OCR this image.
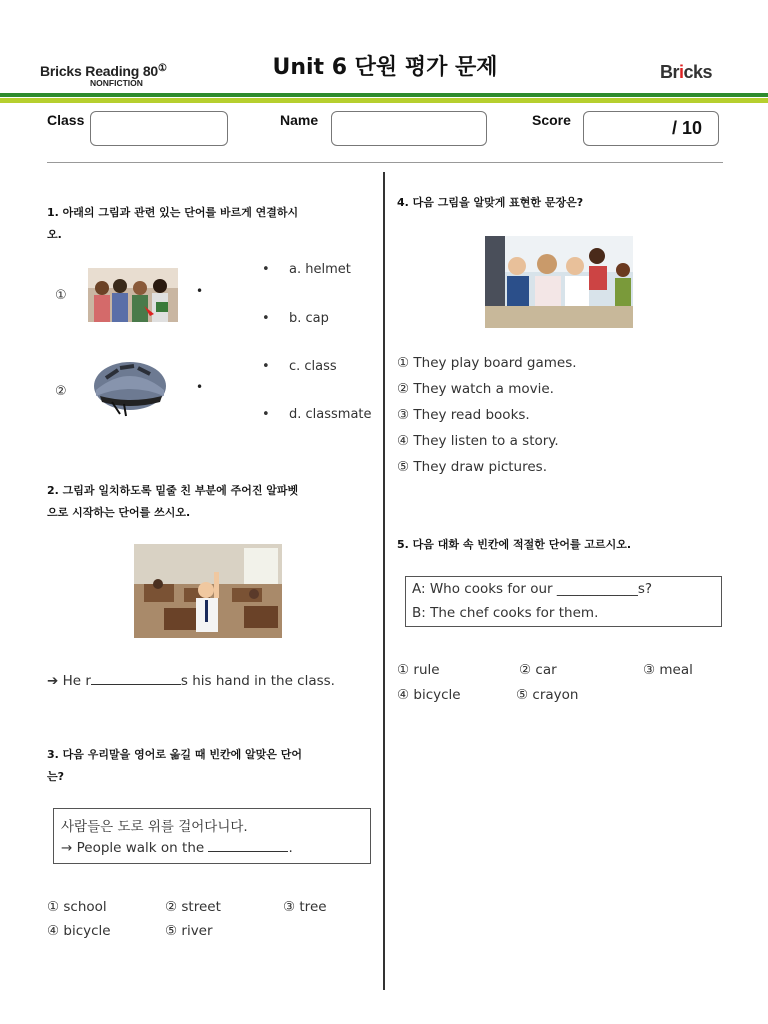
Bricks Reading 80①
NONFICTION
Unit 6 단원 평가 문제	Bricks
Class	Name	Score	/ 10
1. 아래의 그림과 관련 있는 단어를 바르게 연결하시
오.
①	•
②	•
• a. helmet
• b. cap
• c. class
• d. classmate
2. 그림과 일치하도록 밑줄 친 부분에 주어진 알파벳
으로 시작하는 단어를 쓰시오.
➔ He r	s his hand in the class.
3. 다음 우리말을 영어로 옮길 때 빈칸에 알맞은 단어
는?
사람들은 도로 위를 걸어다니다.
→ People walk on the	.
① school	② street	③ tree
④ bicycle	⑤ river
4. 다음 그림을 알맞게 표현한 문장은?
① They play board games.
② They watch a movie.
③ They read books.
④ They listen to a story.
⑤ They draw pictures.
5. 다음 대화 속 빈칸에 적절한 단어를 고르시오.
A: Who cooks for our ____________s?
B: The chef cooks for them.
① rule	② car	③ meal
④ bicycle	⑤ crayon
